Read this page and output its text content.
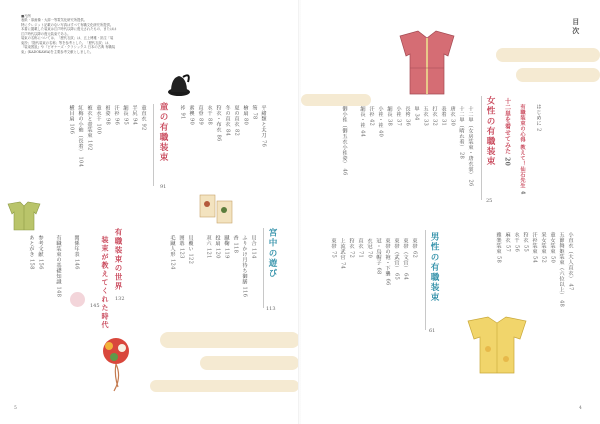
■凡例

表紙・扉画像・大扉一等電気化研究所提供。

特にクレジット記載のない写真はすべて有職文化研究所提供。

本書に掲載した装束は江戸時代以降に復元されたもの、またはは

江戸時代以降の復元装束である。

装束の名称については、「歴代衣紋」は、五上博雅・訳注「装

束抄」「随代装束の名称」等を参考とした。「歴代衣紋」は、

『装束図説』や『ビギナーズ・クラシックス 日本の古典 有職装

束』(KADOKAWA)を主要参考文献としました。

平緒類と太刀 76
笏 78
檜扇 80
夏の直衣 82
冬の直衣 84
狩衣・布衣 86
水干 88
直垂 89
素襖 90
裃 91
童の有職装束
91
童直衣 92
半尻 94
細長 95
汗衫 96
衵姿 98
童水干 100
被衣と壺装束 102
紅梅の小袖（長着） 104
横目扇 106
宮中の遊び
113
貝合 114
ふりかけ月待ち御膳 116
香 118
蹴鞠 119
投扇 120
双六 121
貝覆い 122
囲碁 123
毛蹴人形 124
有職装束の世界
132
装束が教えてくれた時代
145
関係年表 146
有職装束の基礎知識 148
参考文献 156
あとがき 158
5
目次
はじめに 2
有職装束の心得 教えて！仙石先生 4
十二単を着せてみた 20
女性の有職装束
25
十二単（女房装束・唐衣裳） 26
十二単（晴れ着） 28
唐衣 30
表着 31
打衣 32
五衣 33
単 34
長袴 36
小袿 37
細長 38
小袿・袿 40
汗衫 42
細長・袿 44
御小袿（御五衣小袿姿） 46
男性の有職装束
61
束帯 62
束帯（文官） 64
束帯（武官） 65
束帯の袍・下襲 66
冠・烏帽子 68
衣冠 70
直衣 71
狩衣 72
上流武官 74
束帯 75	小直衣（大人直衣） 47
五節舞姫装束（六位以上） 48
童女装束 50
采女装束 52
汗衫装束 54
狩衣 55
水干 56
麻衣 57
雅楽装束 58
4
